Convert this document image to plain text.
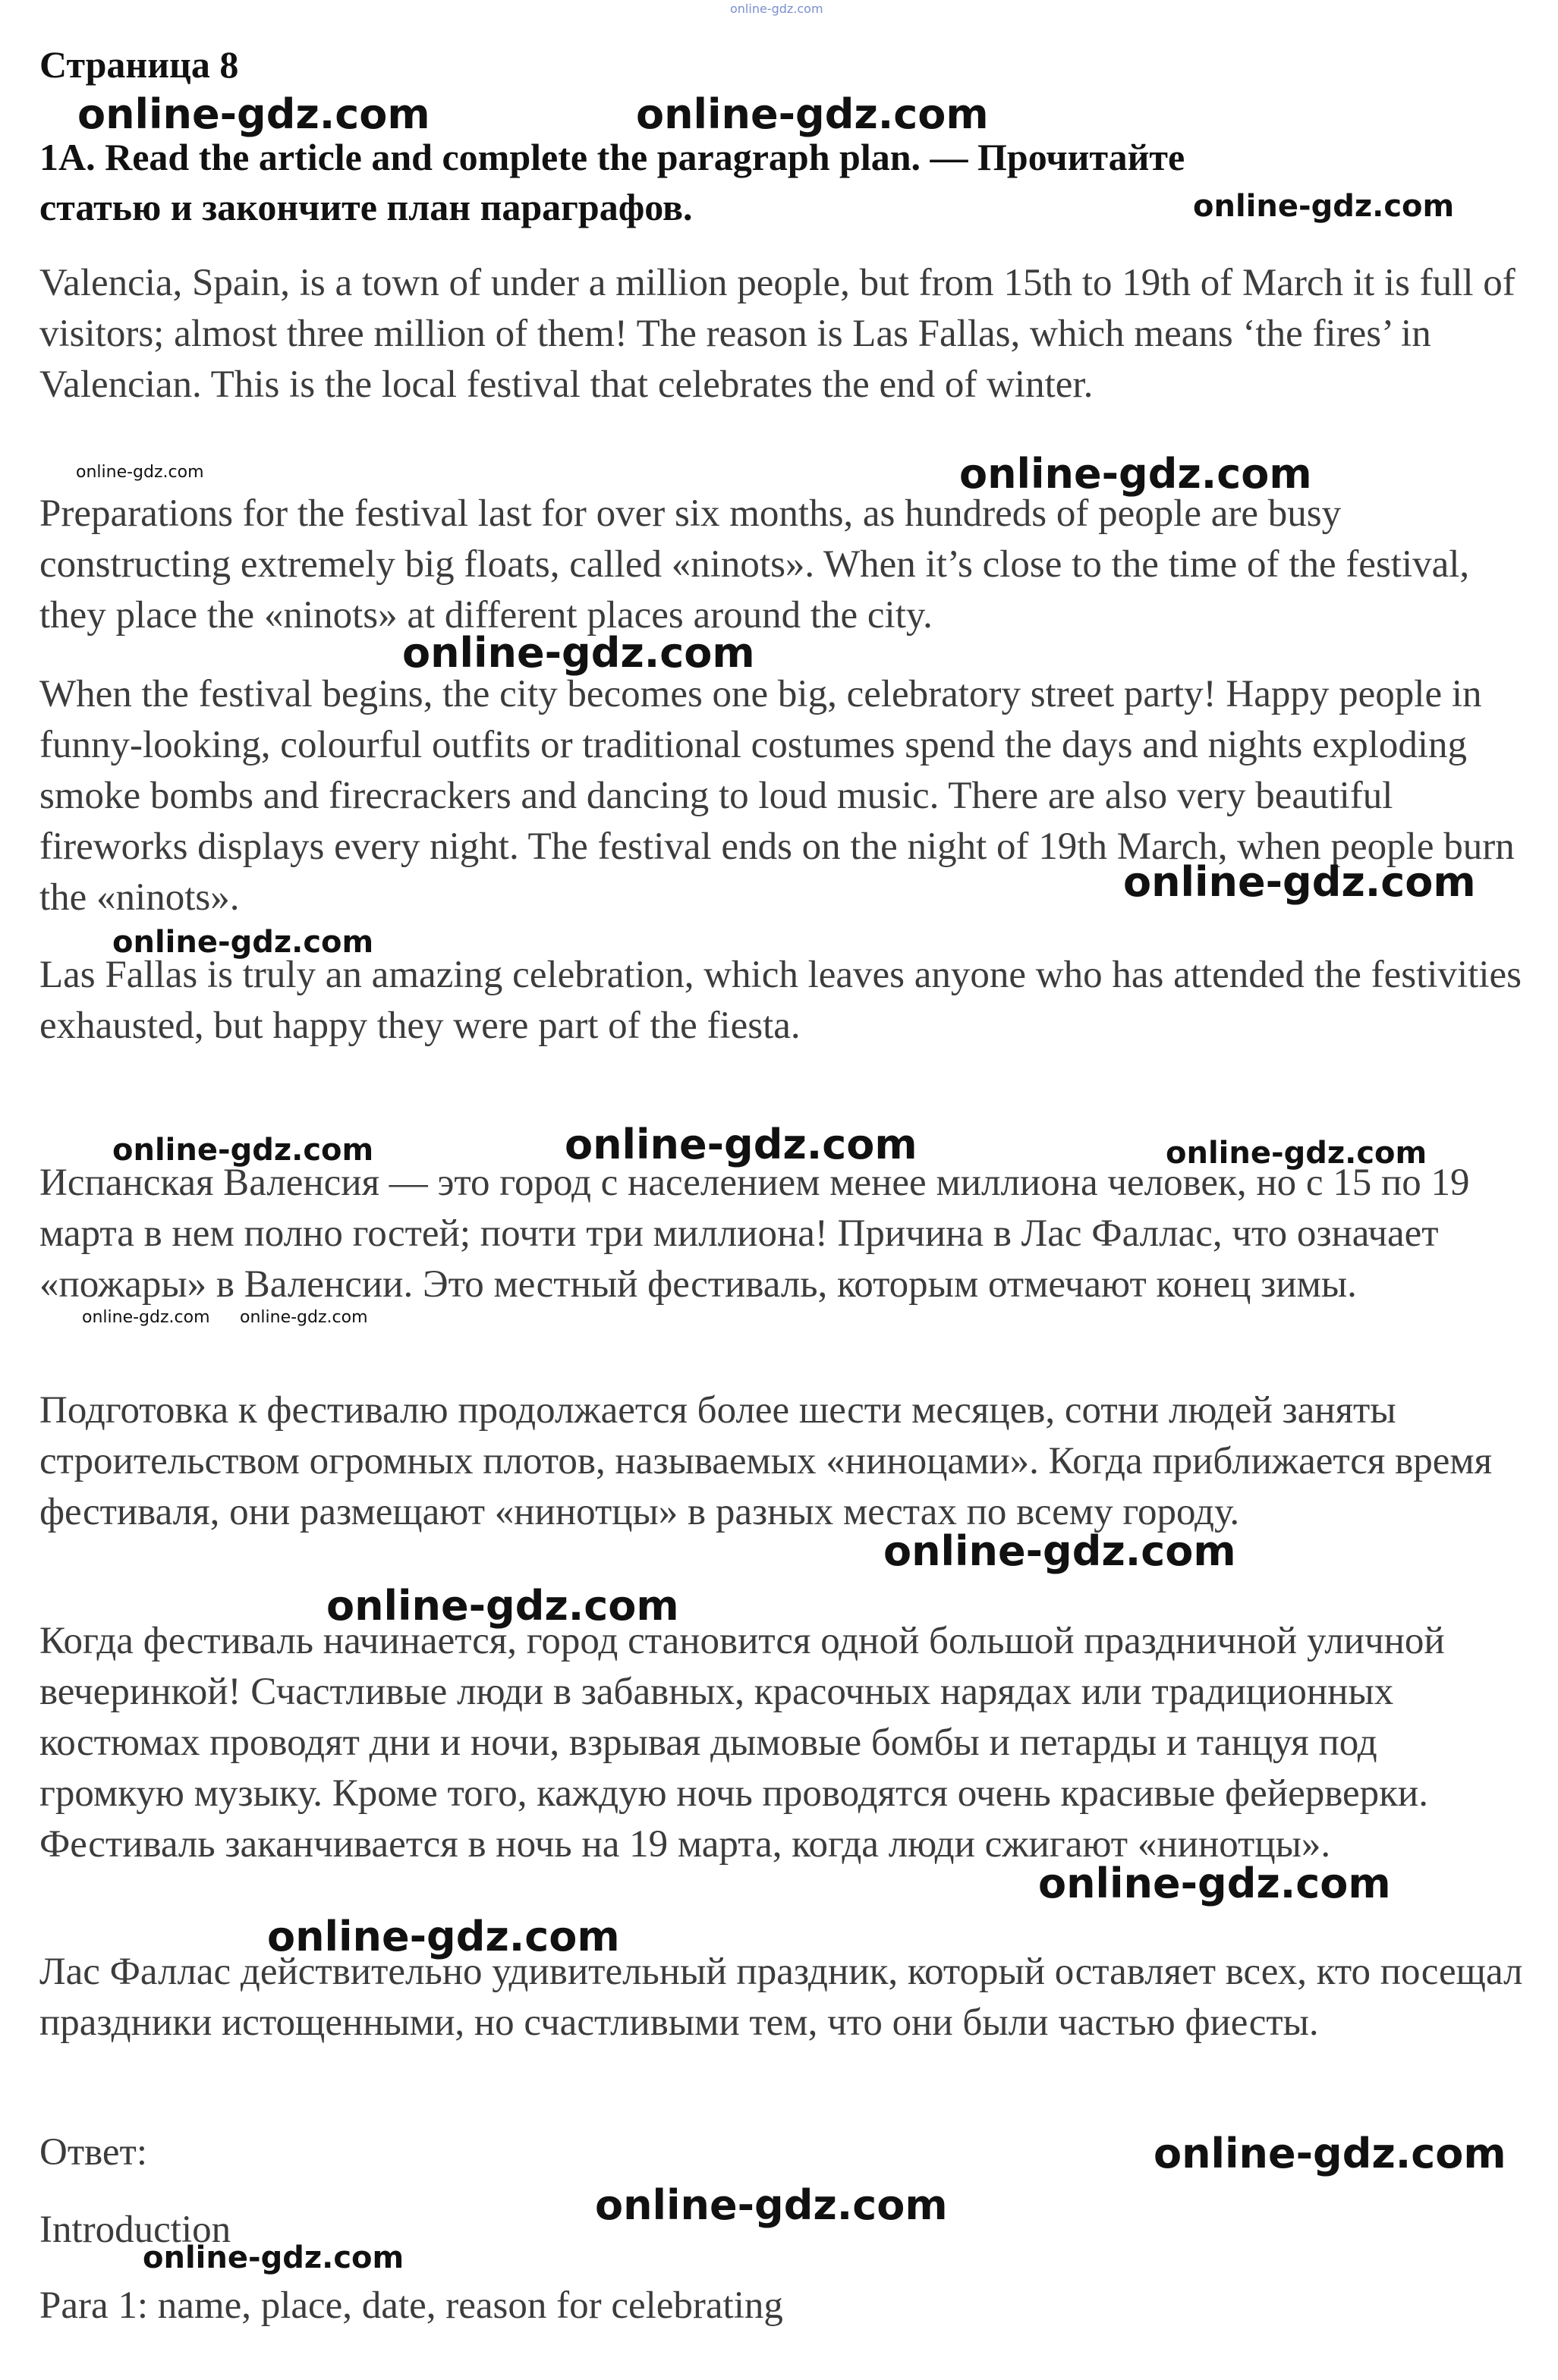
online-gdz.com
Страница 8
online-gdz.com	online-gdz.com

1A. Read the article and complete the paragraph plan. — Прочитайте
статью и закончите план параграфов.	online-gdz.com

Valencia, Spain, is a town of under a million people, but from 15th to 19th of March it is full of visitors; almost three million of them! The reason is Las Fallas, which means ‘the fires’ in Valencian. This is the local festival that celebrates the end of winter.

online-gdz.com
online-gdz.com

Preparations for the festival last for over six months, as hundreds of people are busy constructing extremely big floats, called «ninots». When it’s close to the time of the festival, they place the «ninots» at different places around the city.

online-gdz.com

When the festival begins, the city becomes one big, celebratory street party! Happy people in funny-looking, colourful outfits or traditional costumes spend the days and nights exploding smoke bombs and firecrackers and dancing to loud music. There are also very beautiful fireworks displays every night. The festival ends on the night of 19th March, when people burn the «ninots».	online-gdz.com
online-gdz.com

Las Fallas is truly an amazing celebration, which leaves anyone who has attended the festivities exhausted, but happy they were part of the fiesta.

online-gdz.com	online-gdz.com	online-gdz.com

Испанская Валенсия — это город с населением менее миллиона человек, но с 15 по 19 марта в нем полно гостей; почти три миллиона! Причина в Лас Фаллас, что означает «пожары» в Валенсии. Это местный фестиваль, которым отмечают конец зимы.

online-gdz.com online-gdz.com

Подготовка к фестивалю продолжается более шести месяцев, сотни людей заняты строительством огромных плотов, называемых «ниноцами». Когда приближается время фестиваля, они размещают «нинотцы» в разных местах по всему городу.

online-gdz.com
online-gdz.com

Когда фестиваль начинается, город становится одной большой праздничной уличной вечеринкой! Счастливые люди в забавных, красочных нарядах или традиционных костюмах проводят дни и ночи, взрывая дымовые бомбы и петарды и танцуя под громкую музыку. Кроме того, каждую ночь проводятся очень красивые фейерверки. Фестиваль заканчивается в ночь на 19 марта, когда люди сжигают «нинотцы».

online-gdz.com
online-gdz.com

Лас Фаллас действительно удивительный праздник, который оставляет всех, кто посещал праздники истощенными, но счастливыми тем, что они были частью фиесты.

Ответ:	online-gdz.com
online-gdz.com

Introduction

online-gdz.com

Para 1: name, place, date, reason for celebrating
